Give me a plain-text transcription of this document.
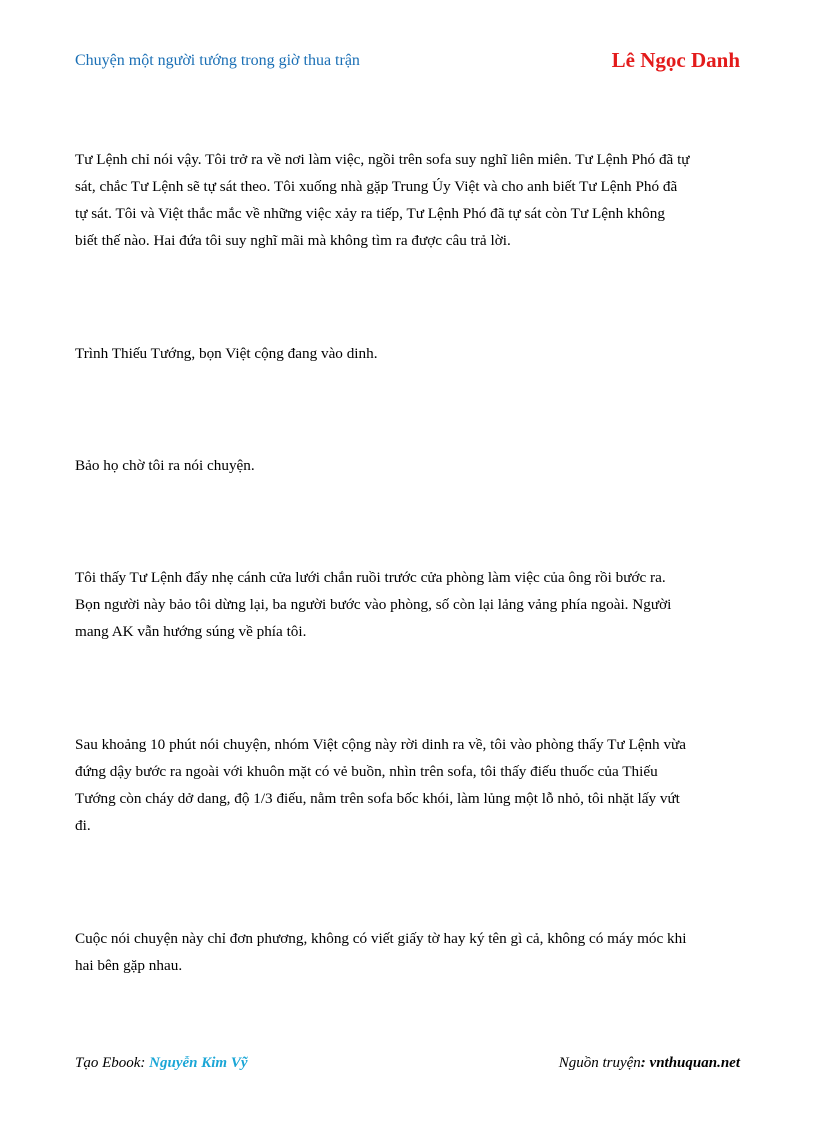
Chuyện một người tướng trong giờ thua trận	Lê Ngọc Danh
Tư Lệnh chỉ nói vậy. Tôi trở ra về nơi làm việc, ngồi trên sofa suy nghĩ liên miên. Tư Lệnh Phó đã tự
sát, chắc Tư Lệnh sẽ tự sát theo. Tôi xuống nhà gặp Trung Úy Việt và cho anh biết Tư Lệnh Phó đã
tự sát. Tôi và Việt thắc mắc về những việc xảy ra tiếp, Tư Lệnh Phó đã tự sát còn Tư Lệnh không
biết thế nào. Hai đứa tôi suy nghĩ mãi mà không tìm ra được câu trả lời.
Trình Thiếu Tướng, bọn Việt cộng đang vào dinh.
Bảo họ chờ tôi ra nói chuyện.
Tôi thấy Tư Lệnh đẩy nhẹ cánh cửa lưới chắn ruồi trước cửa phòng làm việc của ông rồi bước ra.
Bọn người này bảo tôi dừng lại, ba người bước vào phòng, số còn lại lảng vảng phía ngoài. Người
mang AK vẫn hướng súng về phía tôi.
Sau khoảng 10 phút nói chuyện, nhóm Việt cộng này rời dinh ra về, tôi vào phòng thấy Tư Lệnh vừa
đứng dậy bước ra ngoài với khuôn mặt có vẻ buồn, nhìn trên sofa, tôi thấy điếu thuốc của Thiếu
Tướng còn cháy dở dang, độ 1/3 điếu, nằm trên sofa bốc khói, làm lủng một lỗ nhỏ, tôi nhặt lấy vứt
đi.
Cuộc nói chuyện này chỉ đơn phương, không có viết giấy tờ hay ký tên gì cả, không có máy móc khi
hai bên gặp nhau.
Tạo Ebook: Nguyễn Kim Vỹ	Nguồn truyện: vnthuquan.net
